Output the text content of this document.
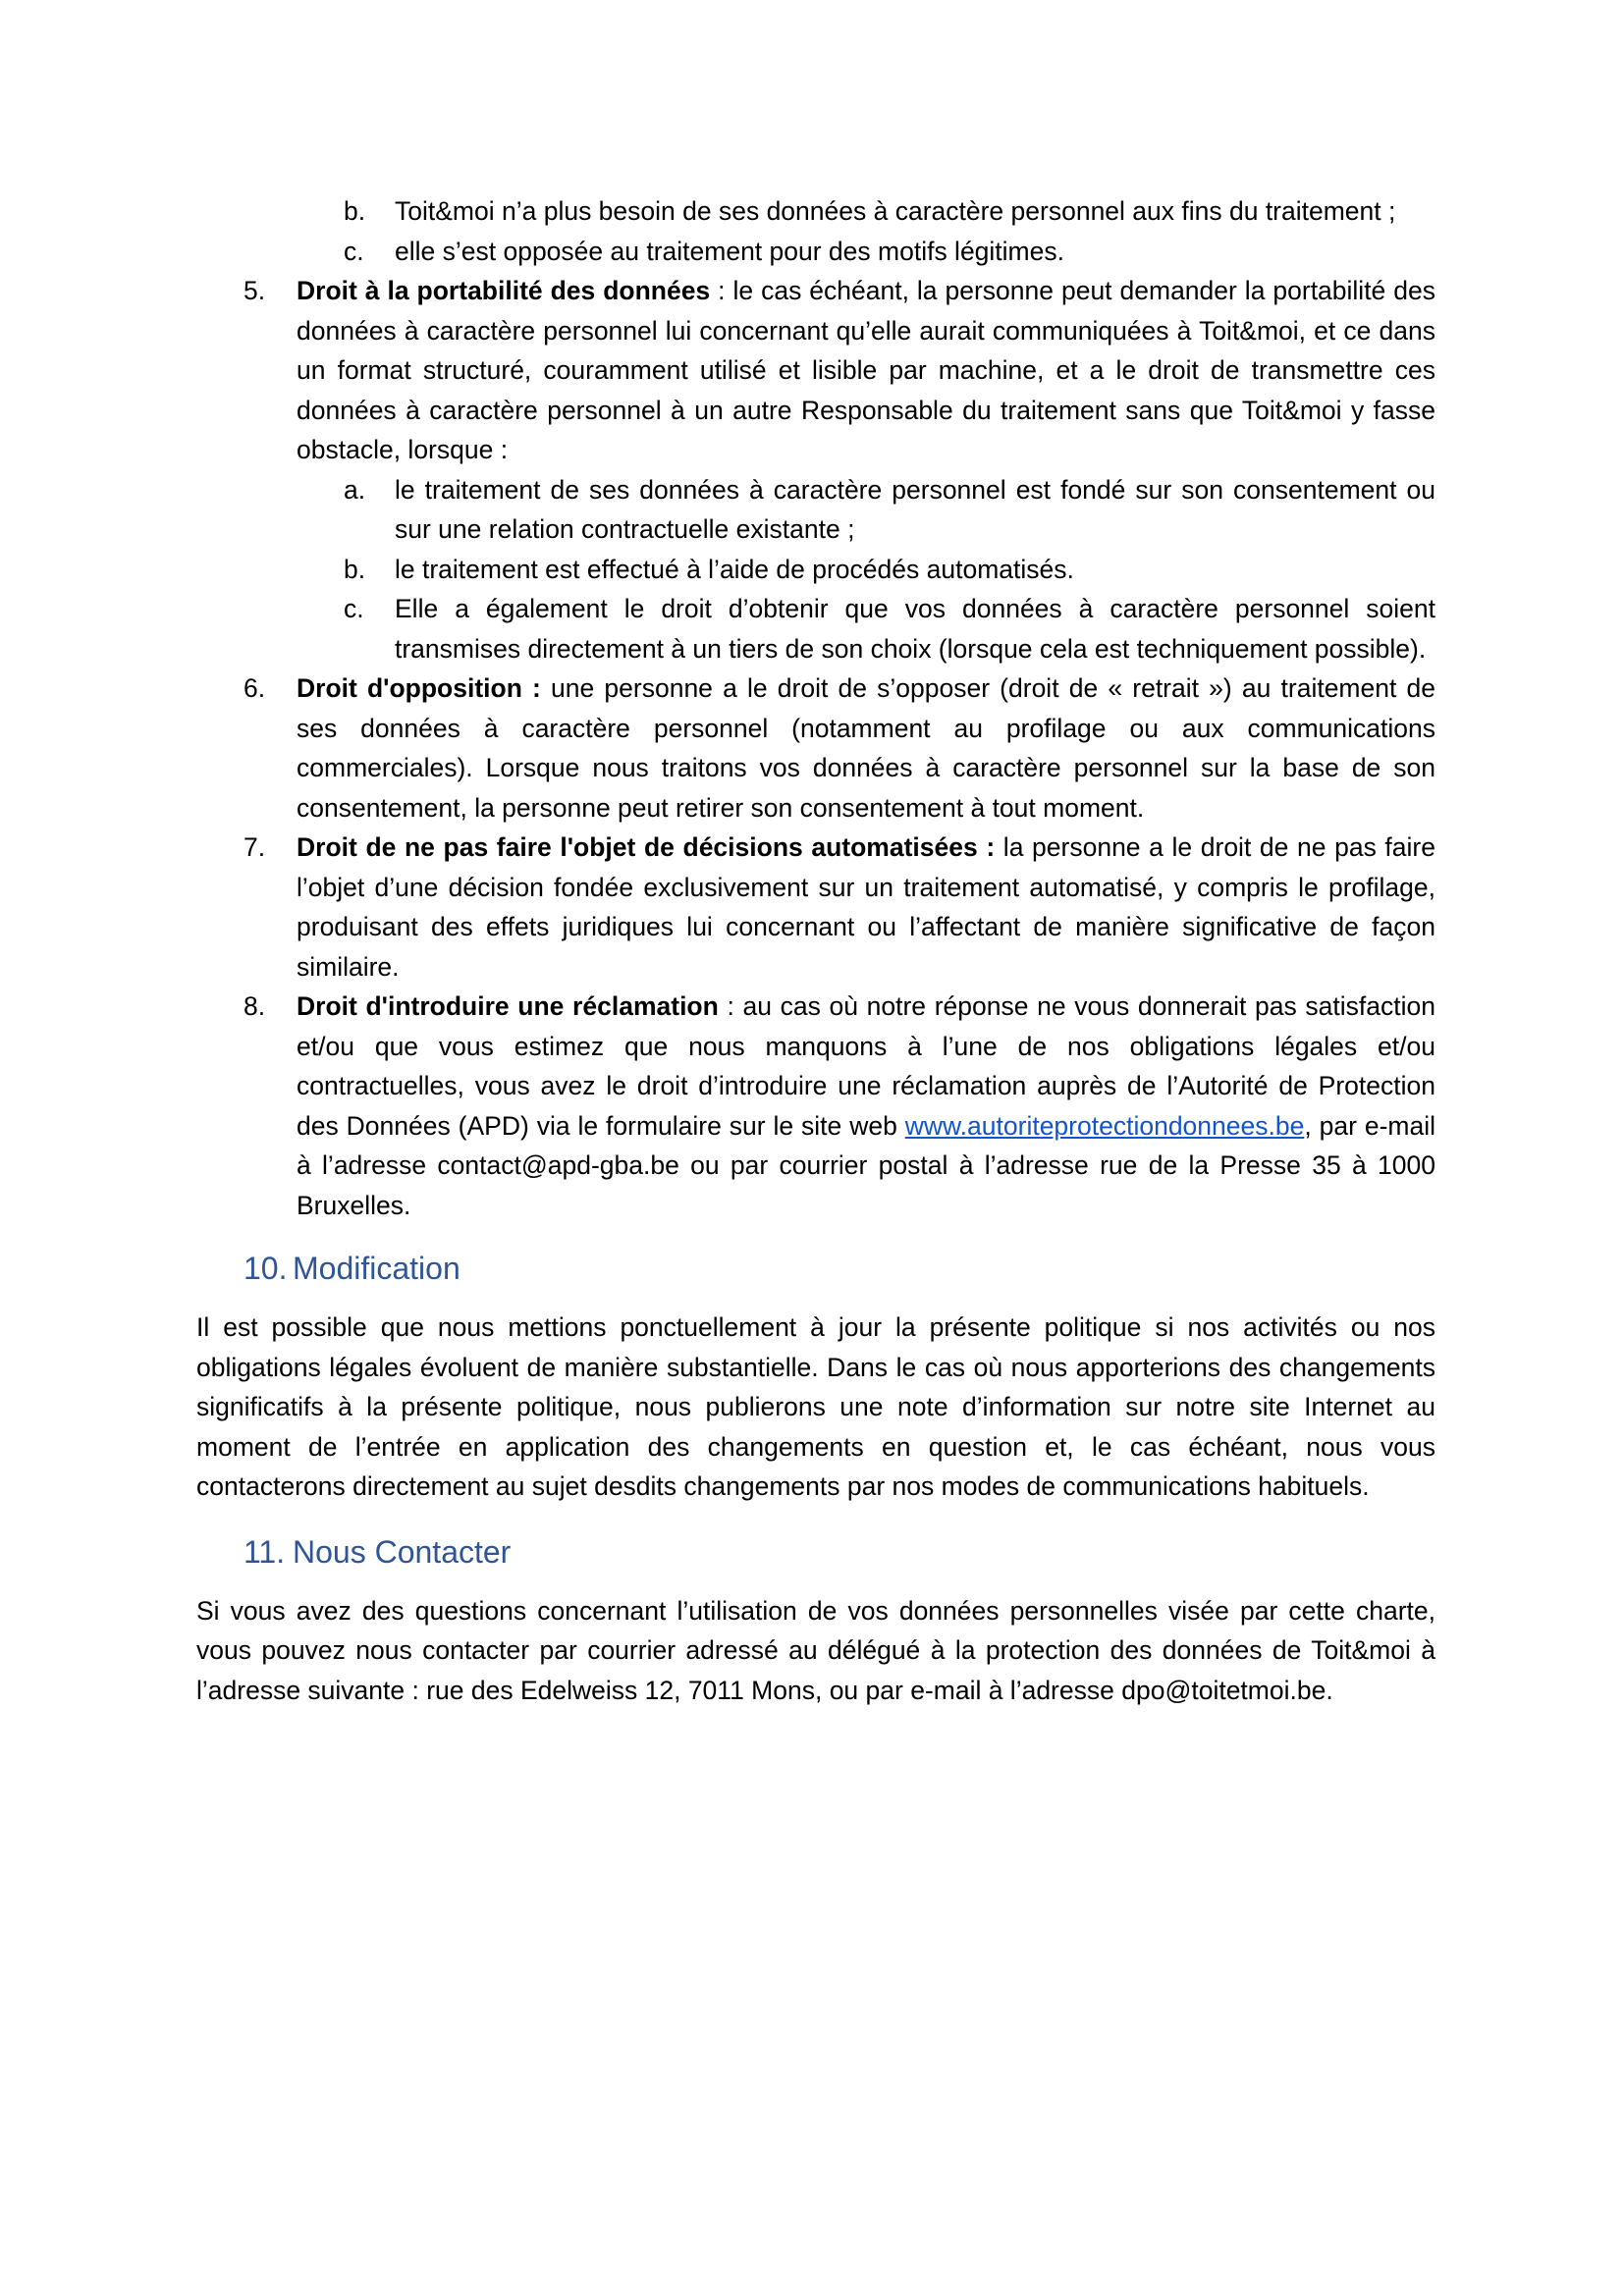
b. Toit&moi n’a plus besoin de ses données à caractère personnel aux fins du traitement ;
c. elle s’est opposée au traitement pour des motifs légitimes.
5. Droit à la portabilité des données : le cas échéant, la personne peut demander la portabilité des données à caractère personnel lui concernant qu’elle aurait communiquées à Toit&moi, et ce dans un format structuré, couramment utilisé et lisible par machine, et a le droit de transmettre ces données à caractère personnel à un autre Responsable du traitement sans que Toit&moi y fasse obstacle, lorsque :
a. le traitement de ses données à caractère personnel est fondé sur son consentement ou sur une relation contractuelle existante ;
b. le traitement est effectué à l’aide de procédés automatisés.
c. Elle a également le droit d’obtenir que vos données à caractère personnel soient transmises directement à un tiers de son choix (lorsque cela est techniquement possible).
6. Droit d'opposition : une personne a le droit de s’opposer (droit de « retrait ») au traitement de ses données à caractère personnel (notamment au profilage ou aux communications commerciales). Lorsque nous traitons vos données à caractère personnel sur la base de son consentement, la personne peut retirer son consentement à tout moment.
7. Droit de ne pas faire l'objet de décisions automatisées : la personne a le droit de ne pas faire l’objet d’une décision fondée exclusivement sur un traitement automatisé, y compris le profilage, produisant des effets juridiques lui concernant ou l’affectant de manière significative de façon similaire.
8. Droit d'introduire une réclamation : au cas où notre réponse ne vous donnerait pas satisfaction et/ou que vous estimez que nous manquons à l’une de nos obligations légales et/ou contractuelles, vous avez le droit d’introduire une réclamation auprès de l’Autorité de Protection des Données (APD) via le formulaire sur le site web www.autoriteprotectiondonnees.be, par e-mail à l’adresse contact@apd-gba.be ou par courrier postal à l’adresse rue de la Presse 35 à 1000 Bruxelles.
10. Modification

Il est possible que nous mettions ponctuellement à jour la présente politique si nos activités ou nos obligations légales évoluent de manière substantielle. Dans le cas où nous apporterions des changements significatifs à la présente politique, nous publierons une note d’information sur notre site Internet au moment de l’entrée en application des changements en question et, le cas échéant, nous vous contacterons directement au sujet desdits changements par nos modes de communications habituels.

11. Nous Contacter

Si vous avez des questions concernant l’utilisation de vos données personnelles visée par cette charte, vous pouvez nous contacter par courrier adressé au délégué à la protection des données de Toit&moi à l’adresse suivante : rue des Edelweiss 12, 7011 Mons, ou par e-mail à l’adresse dpo@toitetmoi.be.
